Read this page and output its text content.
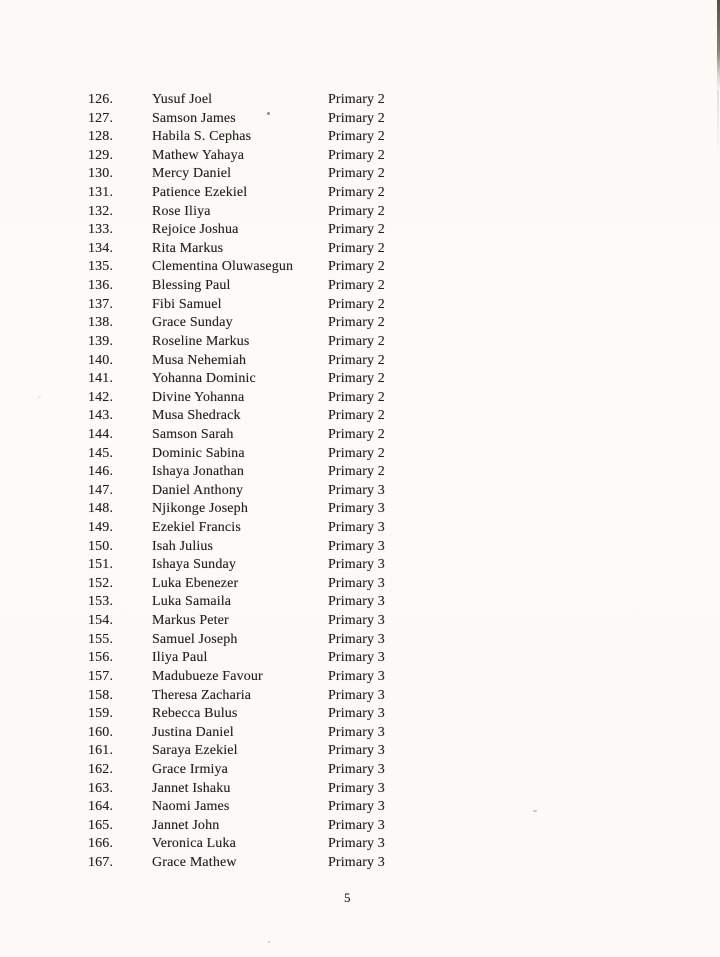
126.	Yusuf Joel	Primary 2
127.	Samson James	Primary 2
128.	Habila S. Cephas	Primary 2
129.	Mathew Yahaya	Primary 2
130.	Mercy Daniel	Primary 2
131.	Patience Ezekiel	Primary 2
132.	Rose Iliya	Primary 2
133.	Rejoice Joshua	Primary 2
134.	Rita Markus	Primary 2
135.	Clementina Oluwasegun	Primary 2
136.	Blessing Paul	Primary 2
137.	Fibi Samuel	Primary 2
138.	Grace Sunday	Primary 2
139.	Roseline Markus	Primary 2
140.	Musa Nehemiah	Primary 2
141.	Yohanna Dominic	Primary 2
142.	Divine Yohanna	Primary 2
143.	Musa Shedrack	Primary 2
144.	Samson Sarah	Primary 2
145.	Dominic Sabina	Primary 2
146.	Ishaya Jonathan	Primary 2
147.	Daniel Anthony	Primary 3
148.	Njikonge Joseph	Primary 3
149.	Ezekiel Francis	Primary 3
150.	Isah Julius	Primary 3
151.	Ishaya Sunday	Primary 3
152.	Luka Ebenezer	Primary 3
153.	Luka Samaila	Primary 3
154.	Markus Peter	Primary 3
155.	Samuel Joseph	Primary 3
156.	Iliya Paul	Primary 3
157.	Madubueze Favour	Primary 3
158.	Theresa Zacharia	Primary 3
159.	Rebecca Bulus	Primary 3
160.	Justina Daniel	Primary 3
161.	Saraya Ezekiel	Primary 3
162.	Grace Irmiya	Primary 3
163.	Jannet Ishaku	Primary 3
164.	Naomi James	Primary 3
165.	Jannet John	Primary 3
166.	Veronica Luka	Primary 3
167.	Grace Mathew	Primary 3
5
